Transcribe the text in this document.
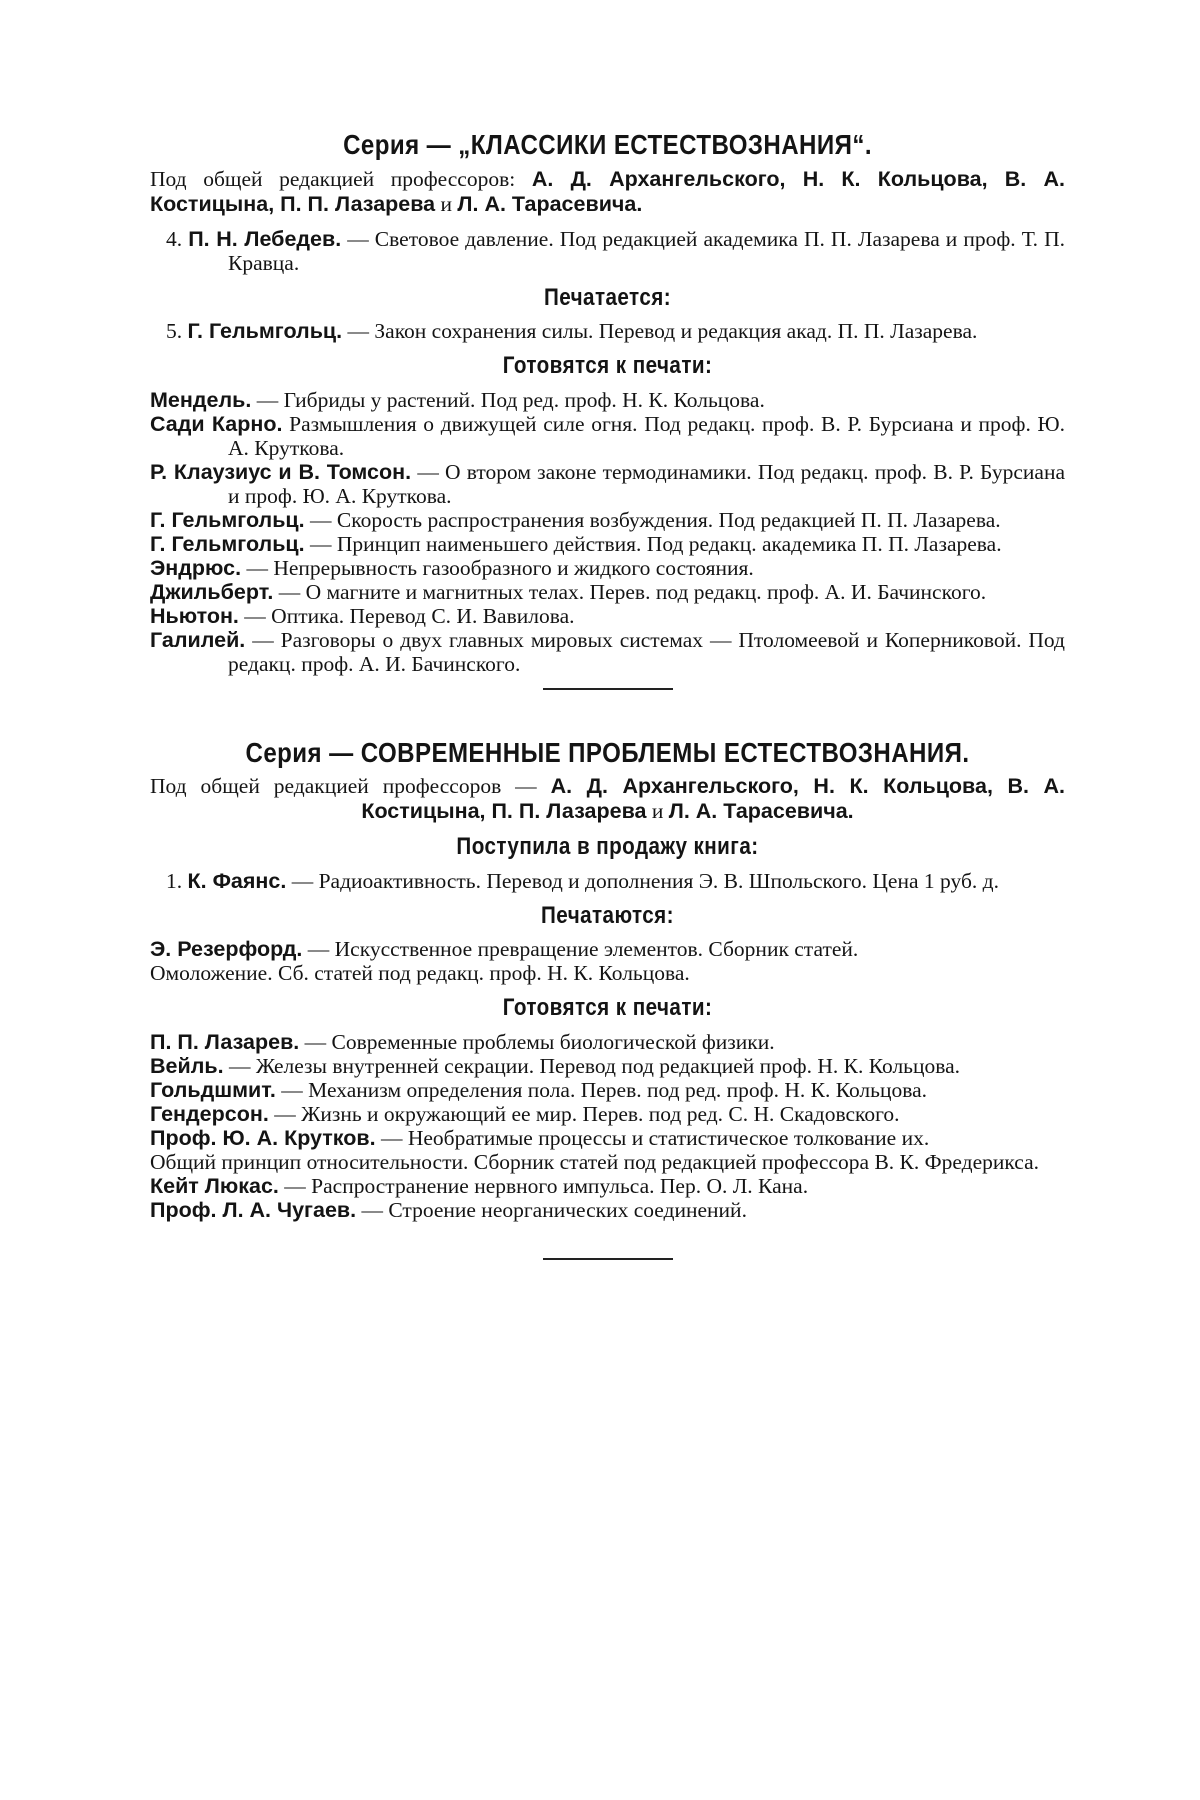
Серия — „КЛАССИКИ ЕСТЕСТВОЗНАНИЯ“.
Под общей редакцией профессоров: А. Д. Архангельского, Н. К. Кольцова, В. А. Костицына, П. П. Лазарева и Л. А. Тарасевича.

4. П. Н. Лебедев. — Световое давление. Под редакцией академика П. П. Лазарева и проф. Т. П. Кравца.

Печатается:

5. Г. Гельмгольц. — Закон сохранения силы. Перевод и редакция акад. П. П. Лазарева.

Готовятся к печати:

Мендель. — Гибриды у растений. Под ред. проф. Н. К. Кольцова.

Сади Карно. Размышления о движущей силе огня. Под редакц. проф. В. Р. Бурсиана и проф. Ю. А. Круткова.

Р. Клаузиус и В. Томсон. — О втором законе термодинамики. Под редакц. проф. В. Р. Бурсиана и проф. Ю. А. Круткова.

Г. Гельмгольц. — Скорость распространения возбуждения. Под редакцией П. П. Лазарева.

Г. Гельмгольц. — Принцип наименьшего действия. Под редакц. академика П. П. Лазарева.

Эндрюс. — Непрерывность газообразного и жидкого состояния.

Джильберт. — О магните и магнитных телах. Перев. под редакц. проф. А. И. Бачинского.

Ньютон. — Оптика. Перевод С. И. Вавилова.

Галилей. — Разговоры о двух главных мировых системах — Птоломеевой и Коперниковой. Под редакц. проф. А. И. Бачинского.

Серия — СОВРЕМЕННЫЕ ПРОБЛЕМЫ ЕСТЕСТВОЗНАНИЯ.
Под общей редакцией профессоров — А. Д. Архангельского, Н. К. Кольцова, В. А. Костицына, П. П. Лазарева и Л. А. Тарасевича.
Поступила в продажу книга:

1. К. Фаянс. — Радиоактивность. Перевод и дополнения Э. В. Шпольского. Цена 1 руб. д.

Печатаются:

Э. Резерфорд. — Искусственное превращение элементов. Сборник статей.

Омоложение. Сб. статей под редакц. проф. Н. К. Кольцова.

Готовятся к печати:

П. П. Лазарев. — Современные проблемы биологической физики.

Вейль. — Железы внутренней секрации. Перевод под редакцией проф. Н. К. Кольцова.

Гольдшмит. — Механизм определения пола. Перев. под ред. проф. Н. К. Кольцова.

Гендерсон. — Жизнь и окружающий ее мир. Перев. под ред. С. Н. Скадовского.

Проф. Ю. А. Крутков. — Необратимые процессы и статистическое толкование их.

Общий принцип относительности. Сборник статей под редакцией профессора В. К. Фредерикса.

Кейт Люкас. — Распространение нервного импульса. Пер. О. Л. Кана.

Проф. Л. А. Чугаев. — Строение неорганических соединений.
